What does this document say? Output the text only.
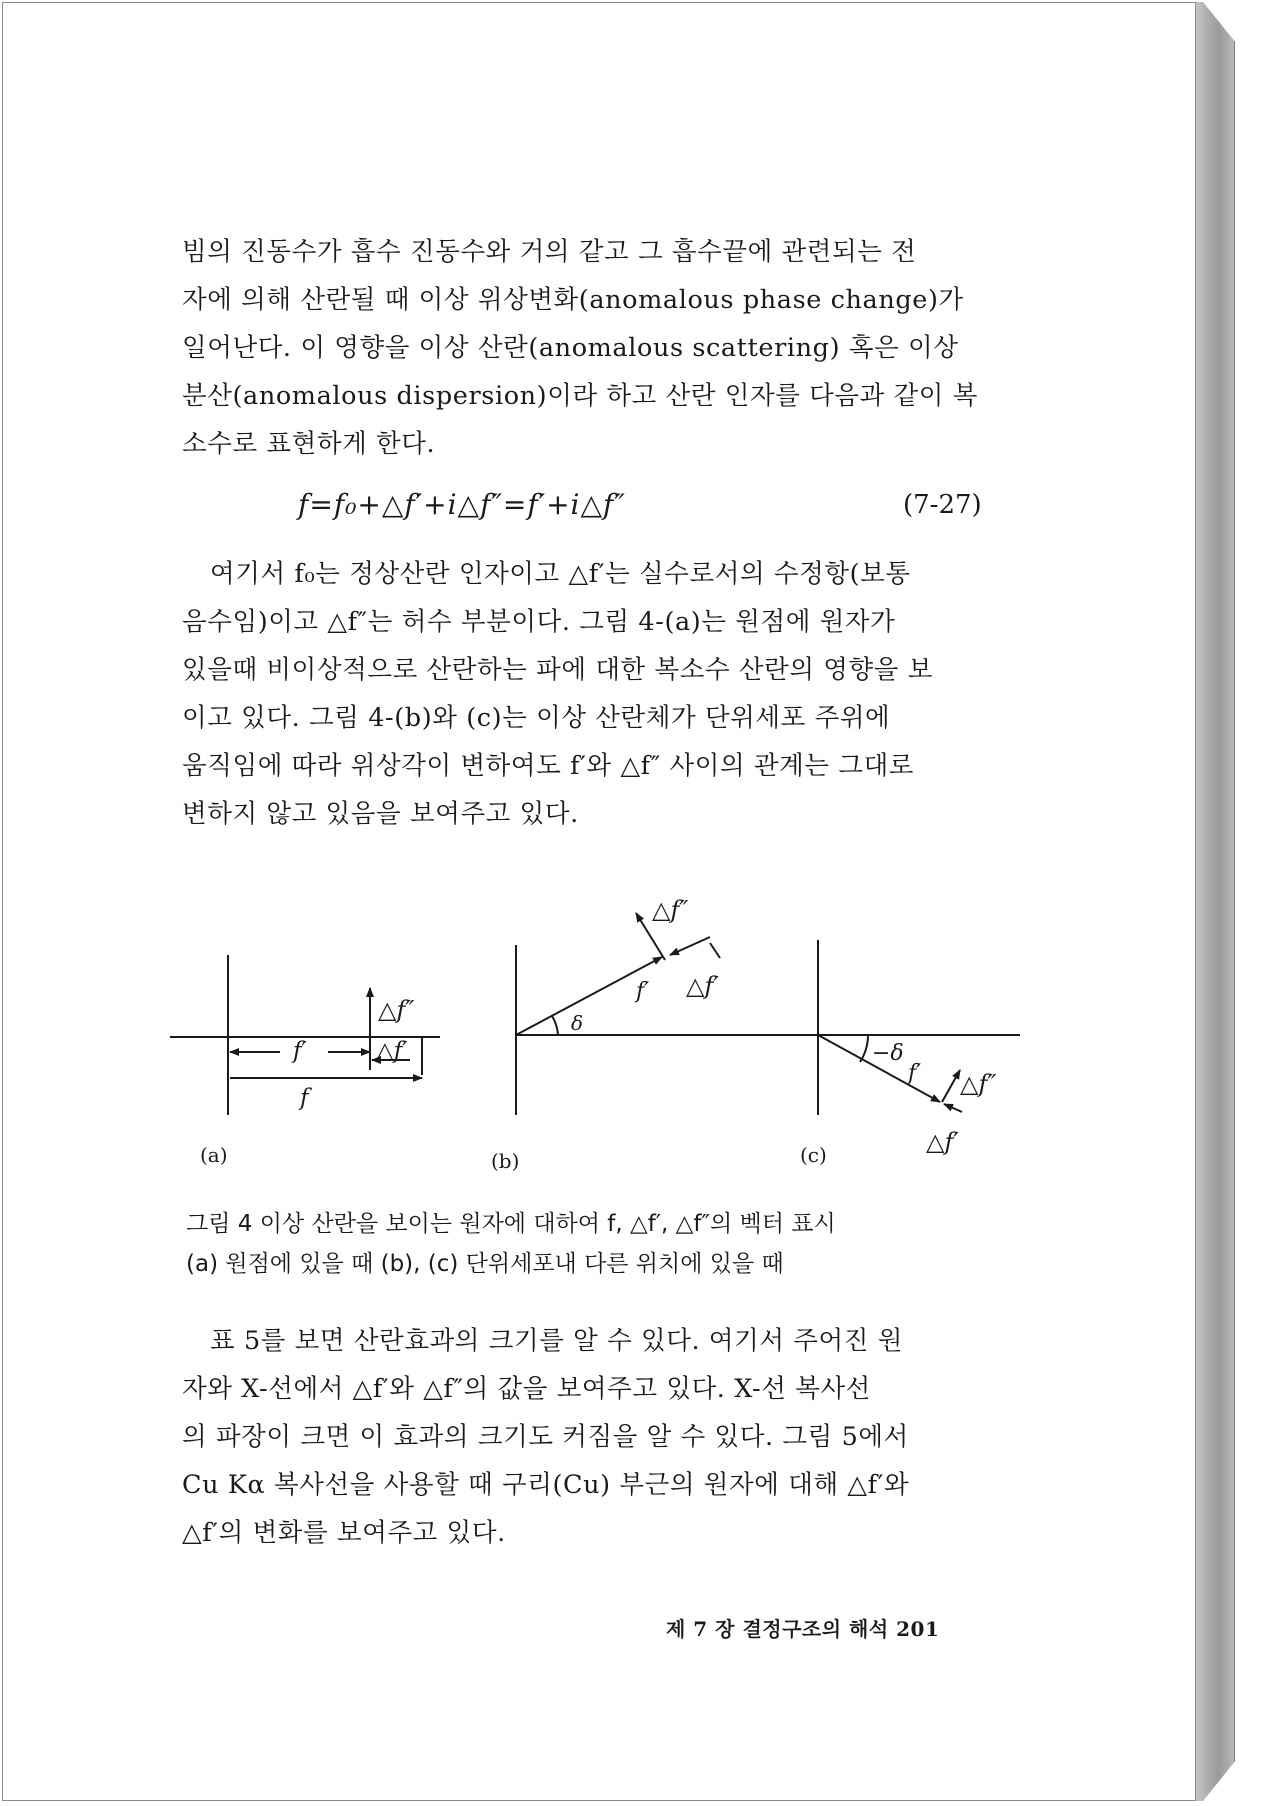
빔의 진동수가 흡수 진동수와 거의 같고 그 흡수끝에 관련되는 전
자에 의해 산란될 때 이상 위상변화(anomalous phase change)가
일어난다. 이 영향을 이상 산란(anomalous scattering) 혹은 이상
분산(anomalous dispersion)이라 하고 산란 인자를 다음과 같이 복
소수로 표현하게 한다.
f=f₀+△f′+i△f″=f′+i△f″	(7-27)
여기서 f₀는 정상산란 인자이고 △f′는 실수로서의 수정항(보통
음수임)이고 △f″는 허수 부분이다. 그림 4-(a)는 원점에 원자가
있을때 비이상적으로 산란하는 파에 대한 복소수 산란의 영향을 보
이고 있다. 그림 4-(b)와 (c)는 이상 산란체가 단위세포 주위에
움직임에 따라 위상각이 변하여도 f′와 △f″ 사이의 관계는 그대로
변하지 않고 있음을 보여주고 있다.
△f″
f′	△f′
f
(a)
△f″
f′ △f′
δ
(b)
−δ
f′ △f″
△f′
(c)
그림 4 이상 산란을 보이는 원자에 대하여 f, △f′, △f″의 벡터 표시
(a) 원점에 있을 때 (b), (c) 단위세포내 다른 위치에 있을 때
표 5를 보면 산란효과의 크기를 알 수 있다. 여기서 주어진 원
자와 X-선에서 △f′와 △f″의 값을 보여주고 있다. X-선 복사선
의 파장이 크면 이 효과의 크기도 커짐을 알 수 있다. 그림 5에서
Cu Kα 복사선을 사용할 때 구리(Cu) 부근의 원자에 대해 △f′와
△f′의 변화를 보여주고 있다.
제 7 장 결정구조의 해석 201
